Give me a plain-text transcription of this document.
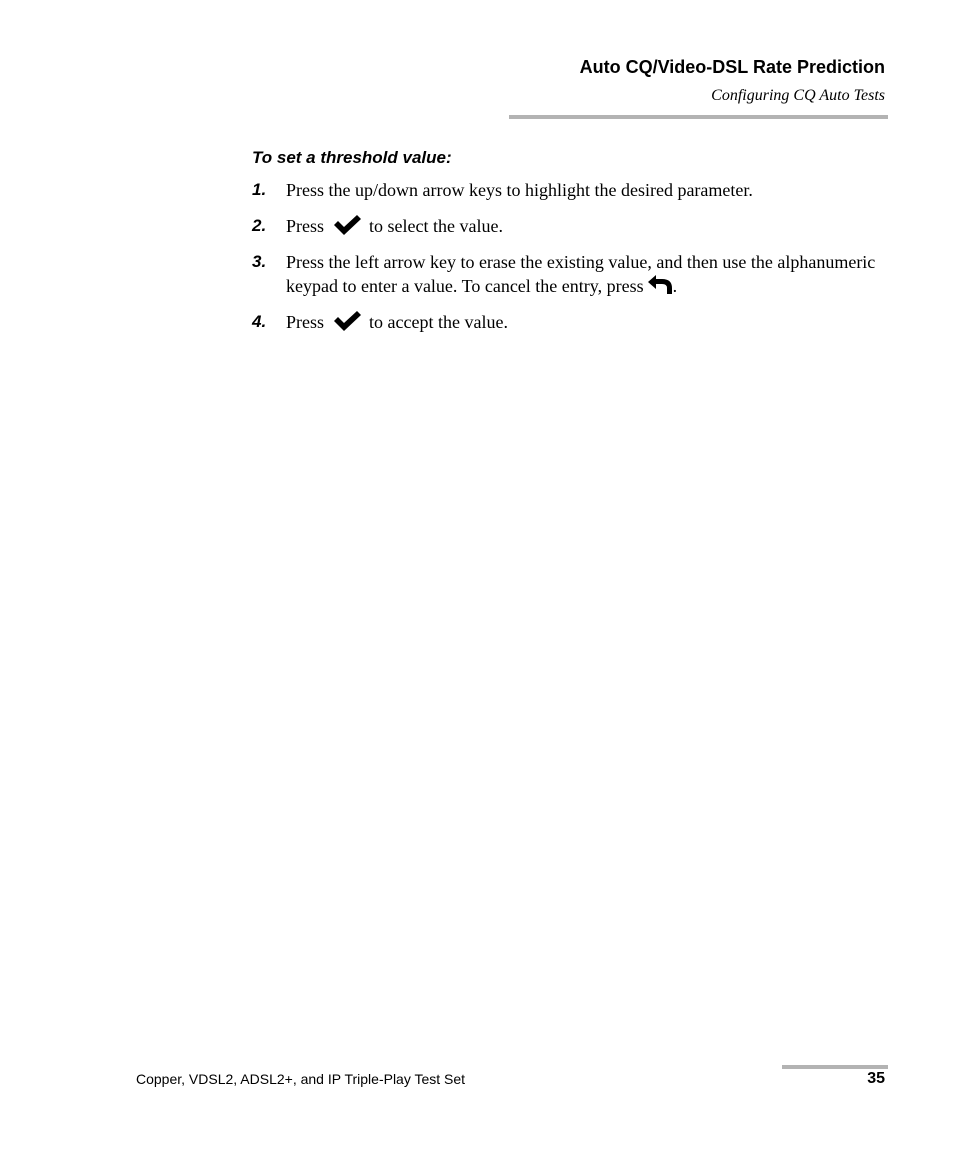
Auto CQ/Video-DSL Rate Prediction
Configuring CQ Auto Tests
To set a threshold value:
1. Press the up/down arrow keys to highlight the desired parameter.
2. Press	to select the value.
3. Press the left arrow key to erase the existing value, and then use the alphanumeric keypad to enter a value. To cancel the entry, press .
4. Press	to accept the value.
Copper, VDSL2, ADSL2+, and IP Triple-Play Test Set	35
